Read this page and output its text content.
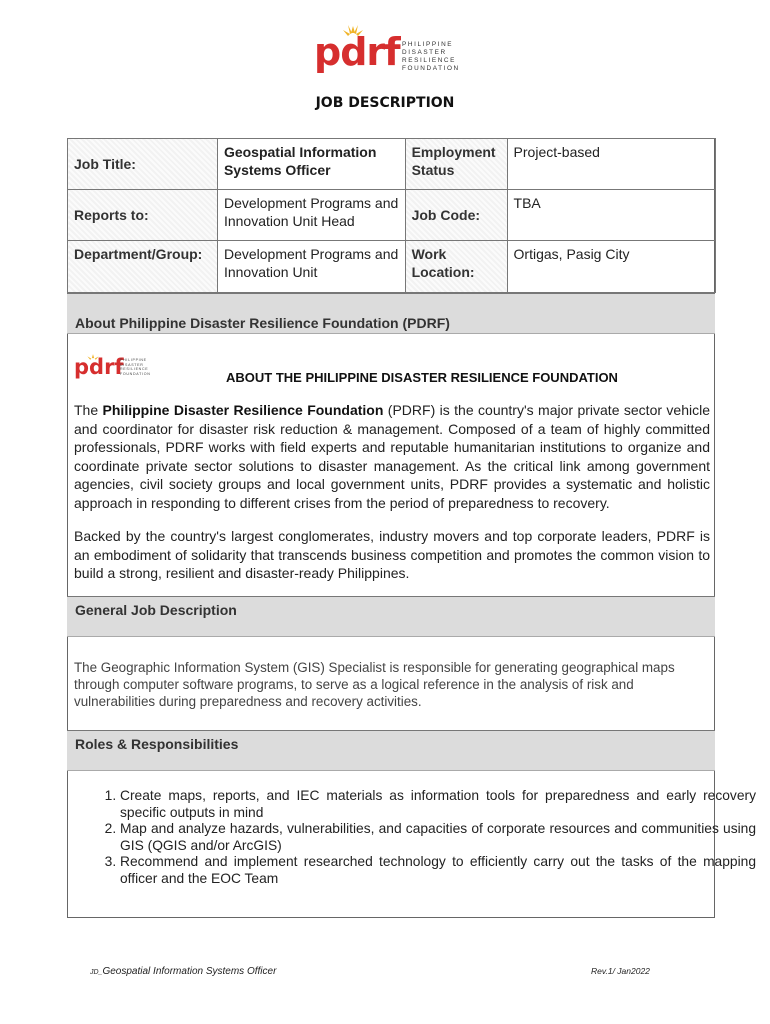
pdrf PHILIPPINE
DISASTER
RESILIENCE
FOUNDATION
JOB DESCRIPTION
Job Title:	Geospatial Information Systems Officer	Employment Status	Project-based
Reports to:	Development Programs and Innovation Unit Head	Job Code:	TBA
Department/Group:	Development Programs and Innovation Unit	Work Location:	Ortigas, Pasig City
About Philippine Disaster Resilience Foundation (PDRF)
pdrf
PHILIPPINE
DISASTER
RESILIENCE
FOUNDATION	ABOUT THE PHILIPPINE DISASTER RESILIENCE FOUNDATION
The Philippine Disaster Resilience Foundation (PDRF) is the country's major private sector vehicle and coordinator for disaster risk reduction & management. Composed of a team of highly committed professionals, PDRF works with field experts and reputable humanitarian institutions to organize and coordinate private sector solutions to disaster management. As the critical link among government agencies, civil society groups and local government units, PDRF provides a systematic and holistic approach in responding to different crises from the period of preparedness to recovery.
Backed by the country's largest conglomerates, industry movers and top corporate leaders, PDRF is an embodiment of solidarity that transcends business competition and promotes the common vision to build a strong, resilient and disaster-ready Philippines.
General Job Description
The Geographic Information System (GIS) Specialist is responsible for generating geographical maps through computer software programs, to serve as a logical reference in the analysis of risk and vulnerabilities during preparedness and recovery activities.
Roles & Responsibilities
1. Create maps, reports, and IEC materials as information tools for preparedness and early recovery specific outputs in mind
2. Map and analyze hazards, vulnerabilities, and capacities of corporate resources and communities using GIS (QGIS and/or ArcGIS)
3. Recommend and implement researched technology to efficiently carry out the tasks of the mapping officer and the EOC Team
JD_Geospatial Information Systems Officer	Rev.1/ Jan2022
